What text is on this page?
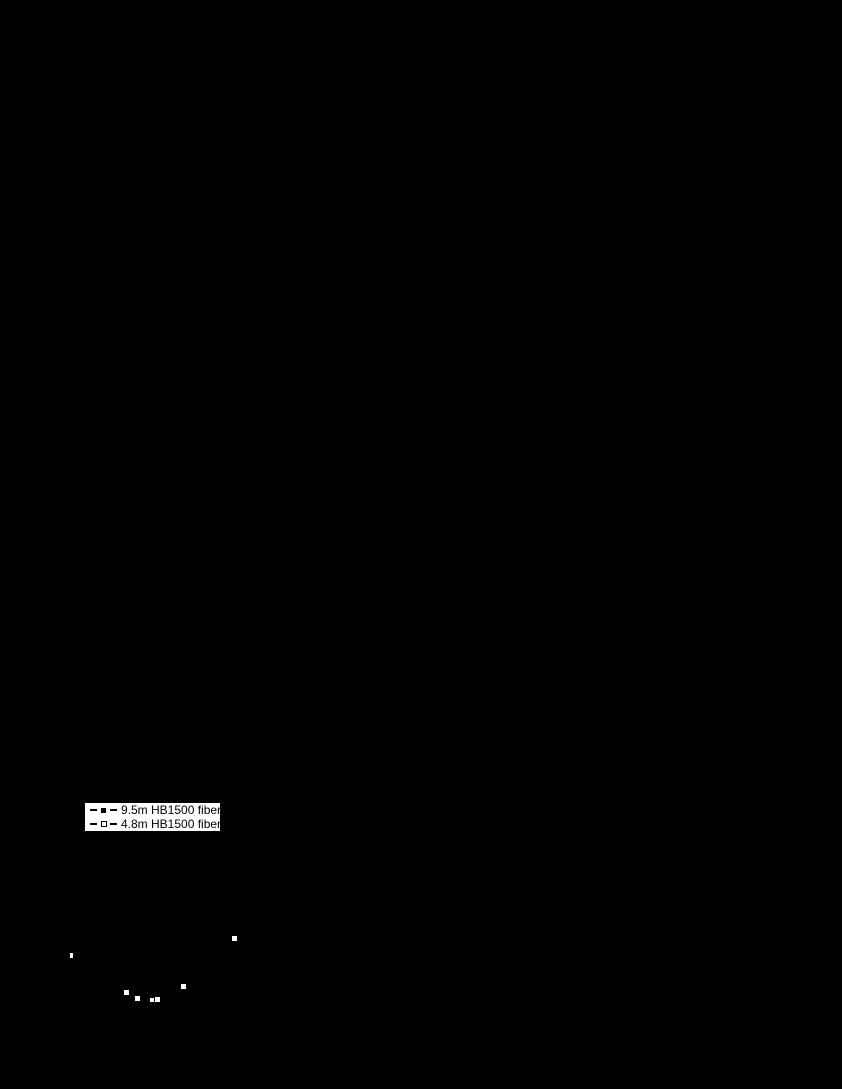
9.5m HB1500 fiber
4.8m HB1500 fiber
